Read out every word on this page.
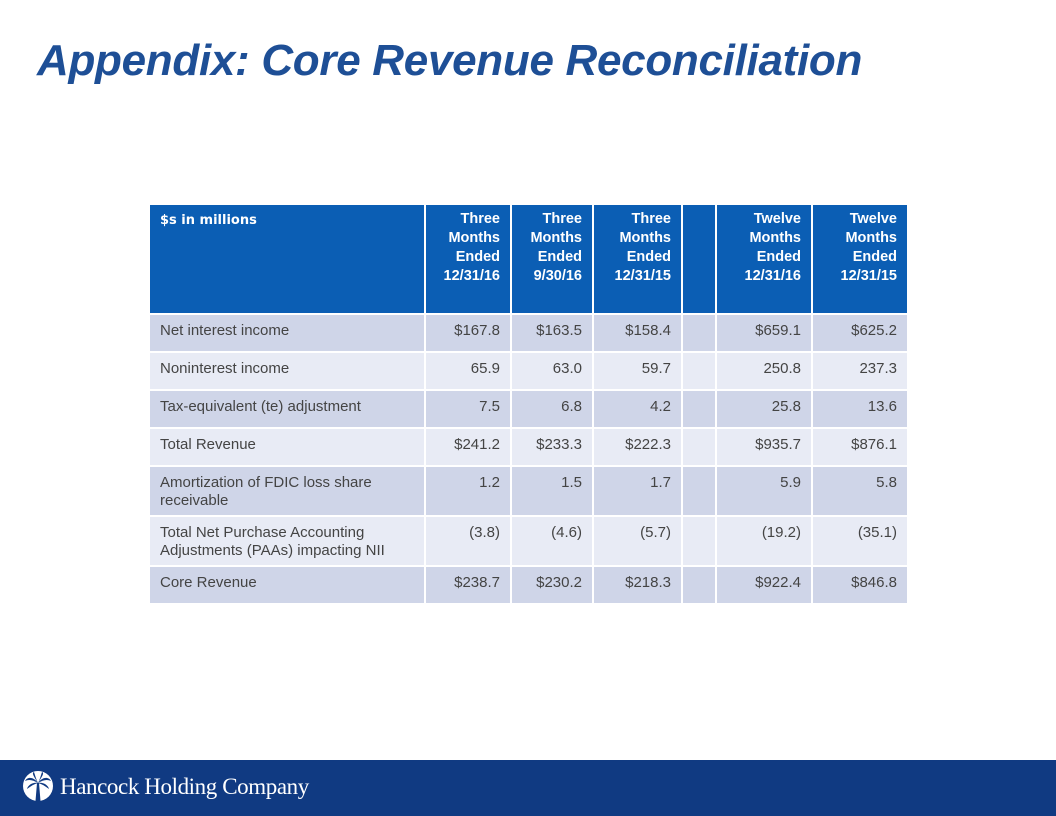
Appendix: Core Revenue Reconciliation
$s in millions	Three Months Ended 12/31/16	Three Months Ended 9/30/16	Three Months Ended 12/31/15		Twelve Months Ended 12/31/16	Twelve Months Ended 12/31/15
Net interest income	$167.8	$163.5	$158.4		$659.1	$625.2
Noninterest income	65.9	63.0	59.7		250.8	237.3
Tax-equivalent (te) adjustment	7.5	6.8	4.2		25.8	13.6
Total Revenue	$241.2	$233.3	$222.3		$935.7	$876.1
Amortization of FDIC loss share receivable	1.2	1.5	1.7		5.9	5.8
Total Net Purchase Accounting Adjustments (PAAs) impacting NII	(3.8)	(4.6)	(5.7)		(19.2)	(35.1)
Core Revenue	$238.7	$230.2	$218.3		$922.4	$846.8
Hancock Holding Company
